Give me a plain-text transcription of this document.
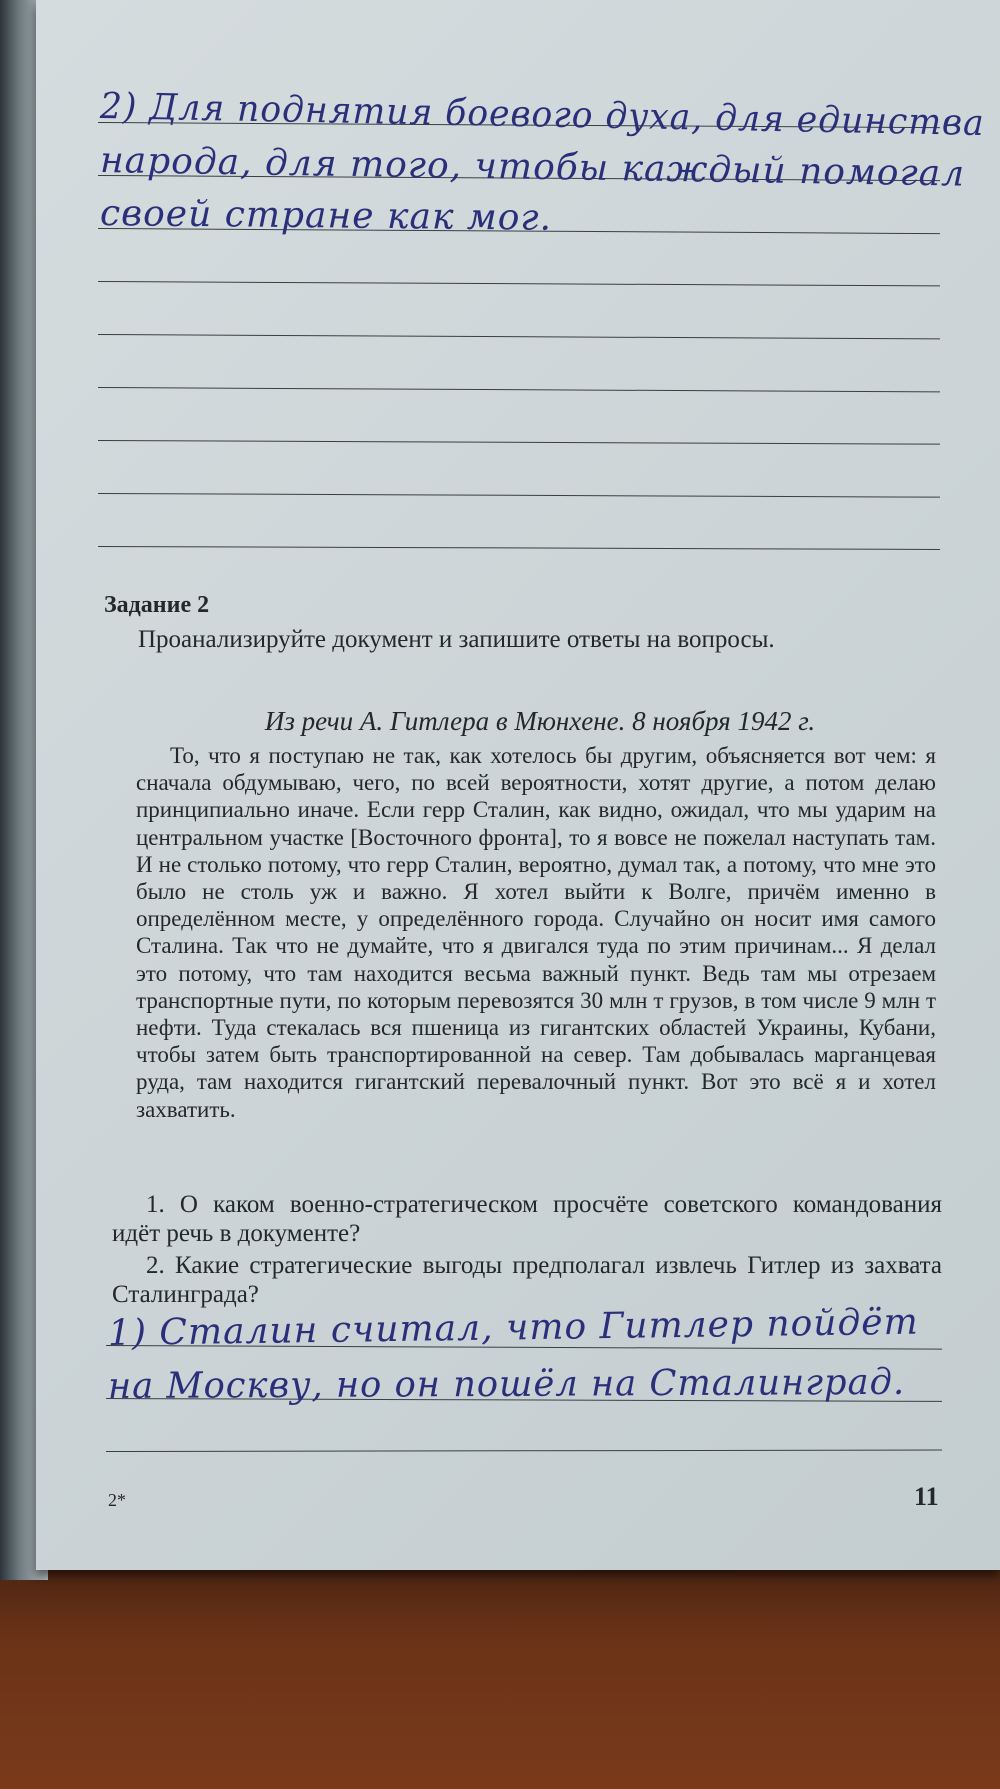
2) Для поднятия боевого духа, для единства
народа, для того, чтобы каждый помогал
своей стране как мог.
Задание 2
Проанализируйте документ и запишите ответы на вопросы.
Из речи А. Гитлера в Мюнхене. 8 ноября 1942 г.

То, что я поступаю не так, как хотелось бы другим, объясняется вот чем: я сначала обдумываю, чего, по всей вероятности, хотят другие, а потом делаю принципиально иначе. Если герр Сталин, как видно, ожидал, что мы ударим на центральном участке [Восточного фронта], то я вовсе не пожелал наступать там. И не столько потому, что герр Сталин, вероятно, думал так, а потому, что мне это было не столь уж и важно. Я хотел выйти к Волге, причём именно в определённом месте, у определённого города. Случайно он носит имя самого Сталина. Так что не думайте, что я двигался туда по этим причинам... Я делал это потому, что там находится весьма важный пункт. Ведь там мы отрезаем транспортные пути, по которым перевозятся 30 млн т грузов, в том числе 9 млн т нефти. Туда стекалась вся пшеница из гигантских областей Украины, Кубани, чтобы затем быть транспортированной на север. Там добывалась марганцевая руда, там находится гигантский перевалочный пункт. Вот это всё я и хотел захватить.

1. О каком военно-стратегическом просчёте советского командования идёт речь в документе?
2. Какие стратегические выгоды предполагал извлечь Гитлер из захвата Сталинграда?
1) Сталин считал, что Гитлер пойдёт
на Москву, но он пошёл на Сталинград.
2*	11
